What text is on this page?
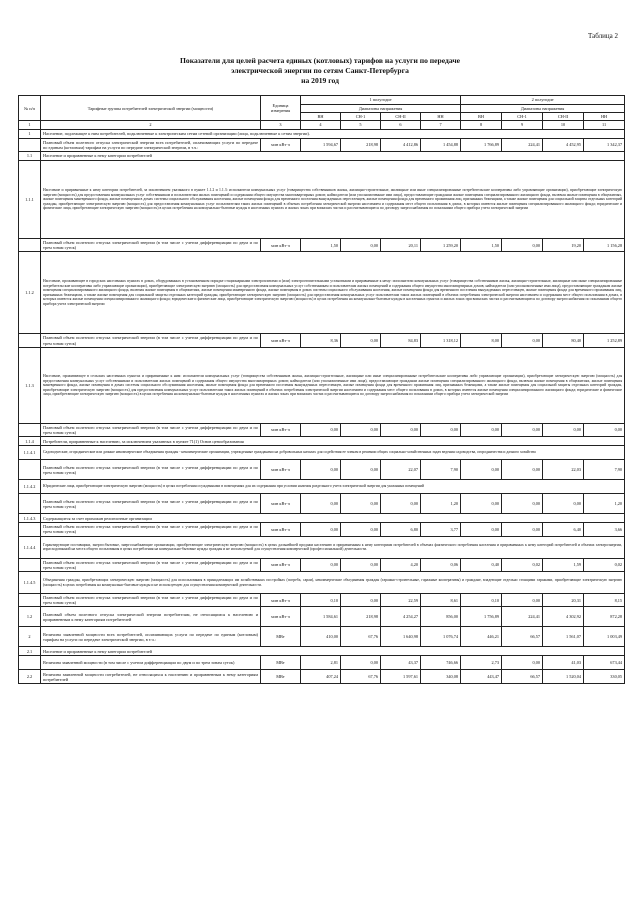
Таблица 2
Показатели для целей расчета единых (котловых) тарифов на услуги по передаче
электрической энергии по сетям Санкт-Петербурга
на 2019 год
№ п/п	Тарифные группы потребителей электрической энергии (мощности)	Единица измерения	1 полугодие				2 полугодие			
			Диапазоны напряжения				Диапазоны напряжения			
			ВН	СН-1	СН-II	НН	ВН	СН-1	СН-II	НН
1	2	3	4	5	6	7	8	9	10	11
1	Население, подлежащее к ним потребителей, подключенные к электрическим сетям сетевой организации (лица, подключенные к сетям энергии).									
	Плановый объем полезного отпуска электрической энергии всех потребителей, оплачивающих услуги по передаче по единым (котловым) тарифам на услуги по передаче электрической энергии, в т.ч.:	млн кВт·ч	1 594,67	218,98	4 412,86	1 454,88	1 766,89	224,41	4 452,95	1 342,37
1.1	Население и приравненные к нему категории потребителей									
1.1.1	Население и приравненные к нему категории потребителей, за исключением указанного в пункте 1.1.2 и 1.1.3: исполнители коммунальных услуг (товарищества собственников жилья, жилищно-строительные, жилищные или иные специализированные потребительские кооперативы либо управляющие организации), приобретающие электрическую энергию (мощность) для предоставления коммунальных услуг собственникам и пользователям жилых помещений и содержания общего имущества многоквартирных домов; наймодатели (или уполномоченные ими лица), предоставляющие гражданам жилые помещения специализированного жилищного фонда, включая жилые помещения в общежитиях, жилые помещения маневренного фонда, жилые помещения в домах системы социального обслуживания населения, жилые помещения фонда для временного поселения вынужденных переселенцев, жилые помещения фонда для временного проживания лиц, признанных беженцами, а также жилые помещения для социальной защиты отдельных категорий граждан, приобретающие электрическую энергию (мощность) для предоставления коммунальных услуг пользователям таких жилых помещений в объемах потребления электрической энергии населением и содержания мест общего пользования в домах, в которых имеются жилые помещения специализированного жилищного фонда; юридические и физические лица, приобретающие электрическую энергию (мощность) в целях потребления на коммунально-бытовые нужды в населенных пунктах и жилых зонах при воинских частях и рассчитывающиеся по договору энергоснабжения по показаниям общего прибора учета электрической энергии									
	Плановый объем полезного отпуска электрической энергии (в том числе с учетом дифференциации по двум и по трем зонам суток)	млн кВт·ч	1,50	0,00	20,11	1 259,20	1,50	0,00	19,20	1 156,28
1.1.2	Население, проживающее в городских населенных пунктах в домах, оборудованных в установленном порядке стационарными электроплитами и (или) электроотопительными установками и приравненные к нему: исполнители коммунальных услуг (товарищества собственников жилья, жилищно-строительные, жилищные или иные специализированные потребительские кооперативы либо управляющие организации), приобретающие электрическую энергию (мощность) для предоставления коммунальных услуг собственникам и пользователям жилых помещений и содержания общего имущества многоквартирных домов; наймодатели (или уполномоченные ими лица), предоставляющие гражданам жилые помещения специализированного жилищного фонда, включая жилые помещения в общежитиях, жилые помещения маневренного фонда, жилые помещения в домах системы социального обслуживания населения, жилые помещения фонда для временного поселения вынужденных переселенцев, жилые помещения фонда для временного проживания лиц, признанных беженцами, а также жилые помещения для социальной защиты отдельных категорий граждан, приобретающие электрическую энергию (мощность) для предоставления коммунальных услуг пользователям таких жилых помещений в объемах потребления электрической энергии населением и содержания мест общего пользования в домах, в которых имеются жилые помещения специализированного жилищного фонда; юридические и физические лица, приобретающие электрическую энергию (мощность) в целях потребления на коммунально-бытовые нужды в населенных пунктах и жилых зонах при воинских частях и рассчитывающиеся по договору энергоснабжения по показаниям общего прибора учета электрической энергии									
	Плановый объем полезного отпуска электрической энергии (в том числе с учетом дифференциации по двум и по трем зонам суток)	млн кВт·ч	8,36	0,00	84,83	1 318,12	8,00	0,00	80,40	1 252,89
1.1.3	Население, проживающее в сельских населенных пунктах и приравненные к ним: исполнители коммунальных услуг (товарищества собственников жилья, жилищно-строительные, жилищные или иные специализированные потребительские кооперативы либо управляющие организации), приобретающие электрическую энергию (мощность) для предоставления коммунальных услуг собственникам и пользователям жилых помещений и содержания общего имущества многоквартирных домов; наймодатели (или уполномоченные ими лица), предоставляющие гражданам жилые помещения специализированного жилищного фонда, включая жилые помещения в общежитиях, жилые помещения маневренного фонда, жилые помещения в домах системы социального обслуживания населения, жилые помещения фонда для временного поселения вынужденных переселенцев, жилые помещения фонда для временного проживания лиц, признанных беженцами, а также жилые помещения для социальной защиты отдельных категорий граждан, приобретающие электрическую энергию (мощность) для предоставления коммунальных услуг пользователям таких жилых помещений в объемах потребления электрической энергии населением и содержания мест общего пользования в домах, в которых имеются жилые помещения специализированного жилищного фонда; юридические и физические лица, приобретающие электрическую энергию (мощность) в целях потребления на коммунально-бытовые нужды в населенных пунктах и жилых зонах при воинских частях и рассчитывающиеся по договору энергоснабжения по показаниям общего прибора учета электрической энергии									
	Плановый объем полезного отпуска электрической энергии (в том числе с учетом дифференциации по двум и по трем зонам суток)	млн кВт·ч	0,00	0,00	0,00	0,00	0,00	0,00	0,00	0,00
1.1.4	Потребители, приравненные к населению, за исключением указанных в пункте 71(1) Основ ценообразования									
1.1.4.1	Садоводческие, огороднические или дачные некоммерческие объединения граждан - некоммерческие организации, учрежденные гражданами на добровольных началах для содействия ее членам в решении общих социально-хозяйственных задач ведения садоводства, огородничества и дачного хозяйства									
	Плановый объем полезного отпуска электрической энергии (в том числе с учетом дифференциации по двум и по трем зонам суток)	млн кВт·ч	0,00	0,00	22,07	7,90	0,00	0,00	22,03	7,90
1.1.4.2	Юридические лица, приобретающие электрическую энергию (мощность) в целях потребления осужденными в помещениях для их содержания при условии наличия раздельного учета электрической энергии для указанных помещений									
	Плановый объем полезного отпуска электрической энергии (в том числе с учетом дифференциации по двум и по трем зонам суток)	млн кВт·ч	0,00	0,00	0,00	1,20	0,00	0,00	0,00	1,20
1.1.4.3	Содержащиеся за счет прихожан религиозные организации									
	Плановый объем полезного отпуска электрической энергии (в том числе с учетом дифференциации по двум и по трем зонам суток)	млн кВт·ч	0,00	0,00	6,80	3,77	0,00	0,00	6,40	3,66
1.1.4.4	Гарантирующие поставщики, энергосбытовые, энергоснабжающие организации, приобретающие электрическую энергию (мощность) в целях дальнейшей продажи населению и приравненным к нему категориям потребителей в объемах фактического потребления населения и приравненных к нему категорий потребителей и объемах электроэнергии, израсходованной на места общего пользования в целях потребления на коммунально-бытовые нужды граждан и не используемой для осуществления коммерческой (профессиональной) деятельности.									
	Плановый объем полезного отпуска электрической энергии (в том числе с учетом дифференциации по двум и по трем зонам суток)	млн кВт·ч	0,00	0,00	4,20	0,06	0,40	0,02	1,59	0,02
1.1.4.5	Объединения граждан, приобретающих электрическую энергию (мощность) для использования в принадлежащих им хозяйственных постройках (погреба, сараи), некоммерческие объединения граждан (гаражно-строительные, гаражные кооперативы) и граждане, владеющие отдельно стоящими гаражами, приобретающие электрическую энергию (мощность) в целях потребления на коммунально-бытовые нужды и не используемую для осуществления коммерческой деятельности.									
	Плановый объем полезного отпуска электрической энергии (в том числе с учетом дифференциации по двум и по трем зонам суток)	млн кВт·ч	0,10	0,00	22,59	8,61	0,10	0,00	20,31	8,15
1.2	Плановый объем полезного отпуска электрической энергии потребителям, не относящимся к населению и приравненным к нему категориям потребителей	млн кВт·ч	1 584,61	218,98	4 254,27	856,00	1 756,89	224,41	4 302,92	872,28
2	Величина заявленной мощности всех потребителей, оплачивающих услуги по передаче по единым (котловым) тарифам на услуги по передаче электрической энергии, в т.ч.:	МВт	410,00	67,76	1 640,98	1 076,74	446,21	66,57	1 561,07	1 003,49
2.1	Население и приравненные к нему категории потребителей									
	Величина заявленной мощности (в том числе с учетом дифференциации по двум и по трем зонам суток)	МВт	2,81	0,00	43,37	746,66	2,73	0,00	41,03	673,44
2.2	Величина заявленной мощности потребителей, не относящихся к населению и приравненным к нему категориям потребителей	МВт	407,24	67,76	1 597,61	340,08	443,47	66,57	1 520,04	330,05
